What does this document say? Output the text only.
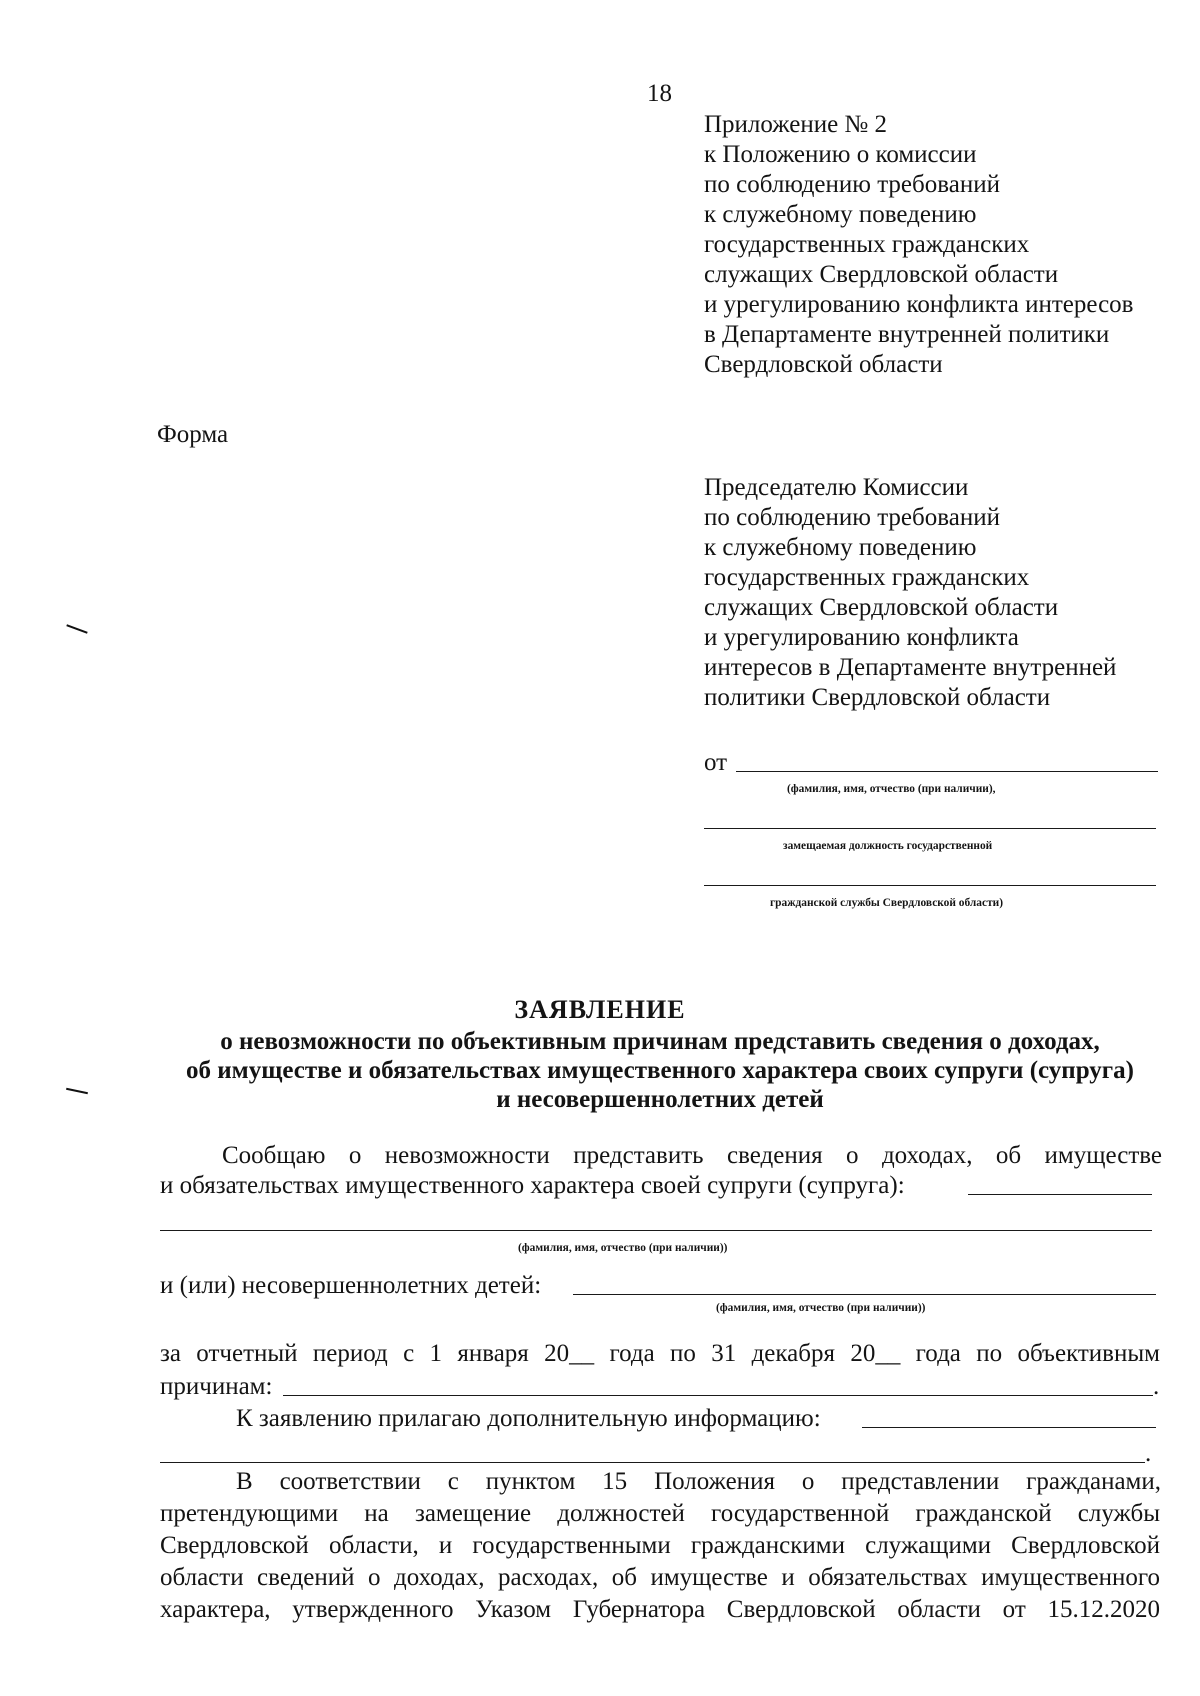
18
Приложение № 2
к Положению о комиссии
по соблюдению требований
к служебному поведению
государственных гражданских
служащих Свердловской области
и урегулированию конфликта интересов
в Департаменте внутренней политики
Свердловской области
Форма
Председателю Комиссии
по соблюдению требований
к служебному поведению
государственных гражданских
служащих Свердловской области
и урегулированию конфликта
интересов в Департаменте внутренней
политики Свердловской области
от
(фамилия, имя, отчество (при наличии),
замещаемая должность государственной
гражданской службы Свердловской области)
ЗАЯВЛЕНИЕ
о невозможности по объективным причинам представить сведения о доходах,
об имуществе и обязательствах имущественного характера своих супруги (супруга)
и несовершеннолетних детей
Сообщаю о невозможности представить сведения о доходах, об имуществе
и обязательствах имущественного характера своей супруги (супруга):
(фамилия, имя, отчество (при наличии))
и (или) несовершеннолетних детей:
(фамилия, имя, отчество (при наличии))
за отчетный период с 1 января 20__ года по 31 декабря 20__ года по объективным
причинам:	.
К заявлению прилагаю дополнительную информацию:
.
В соответствии с пунктом 15 Положения о представлении гражданами,
претендующими на замещение должностей государственной гражданской службы
Свердловской области, и государственными гражданскими служащими Свердловской
области сведений о доходах, расходах, об имуществе и обязательствах имущественного
характера, утвержденного Указом Губернатора Свердловской области от 15.12.2020
